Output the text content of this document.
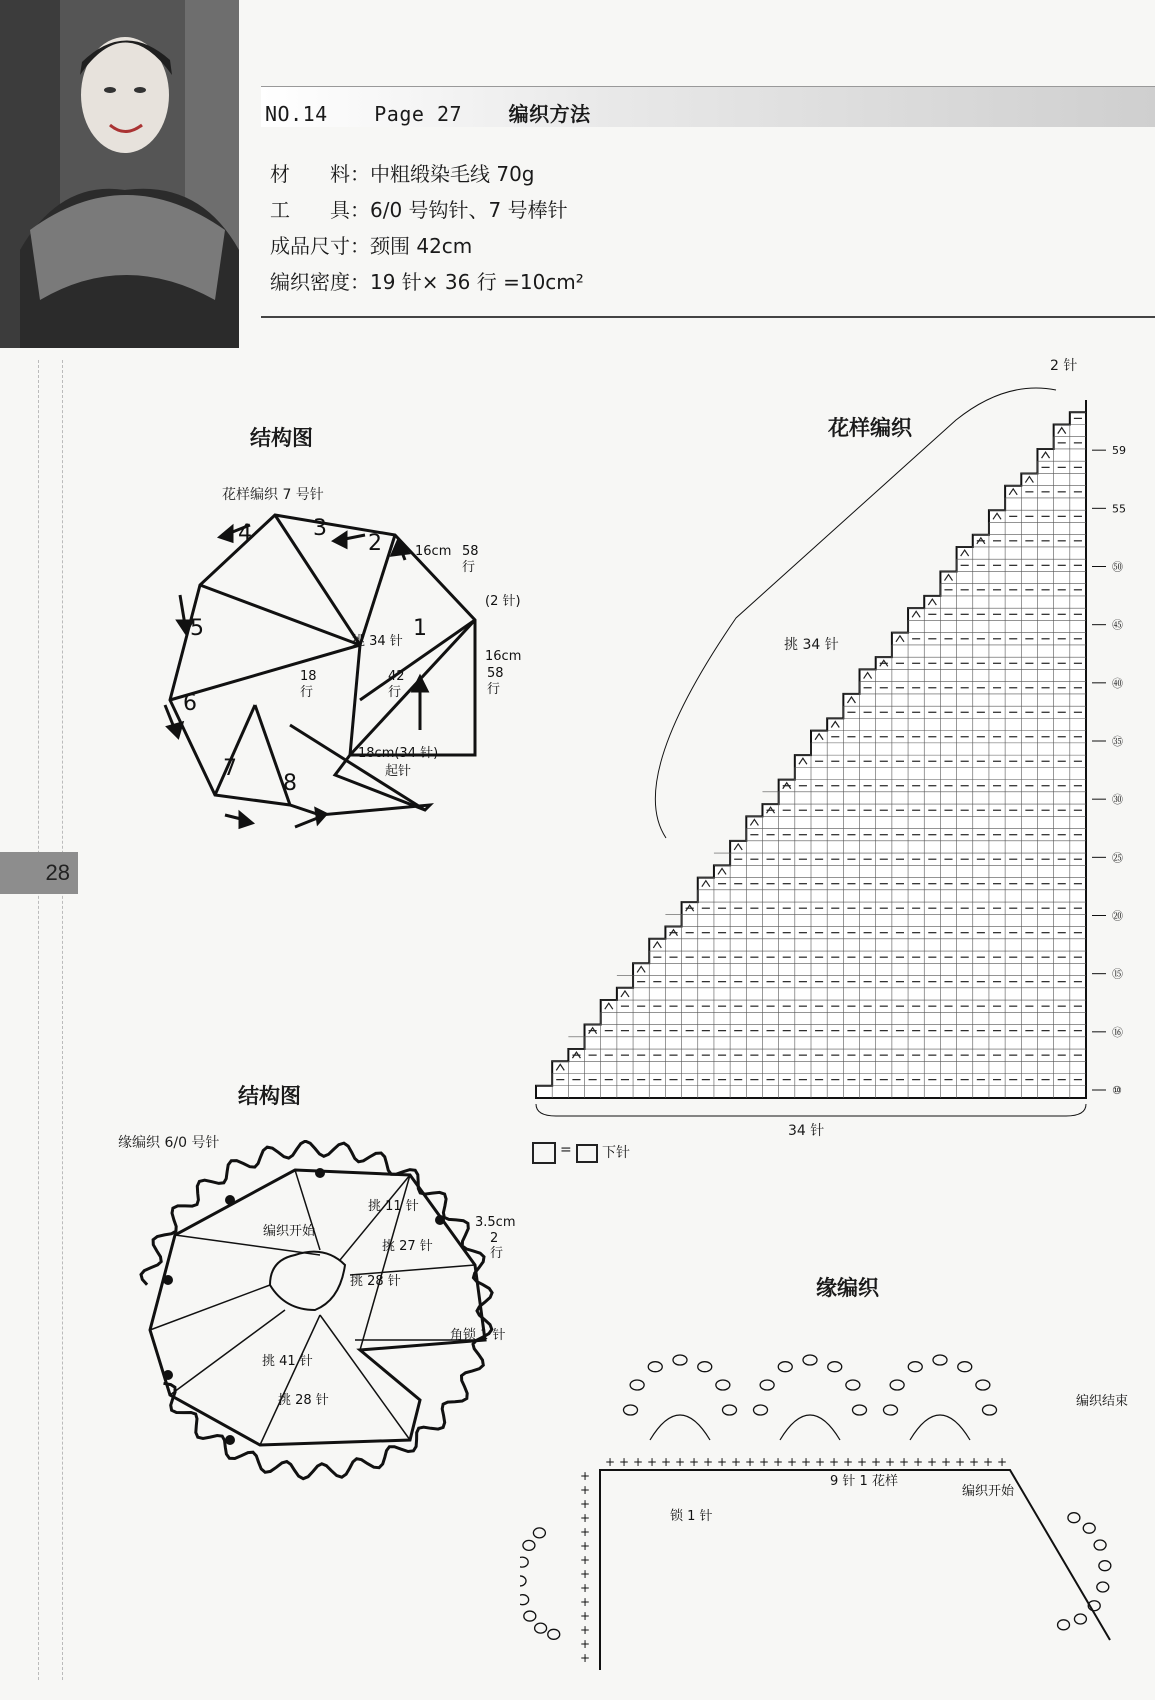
NO.14 Page 27 编织方法
材　　料：中粗缎染毛线 70g
工　　具：6/0 号钩针、7 号棒针
成品尺寸：颈围 42cm
编织密度：19 针× 36 行 =10cm²
28
结构图
花样编织 7 号针
1
2
3
4
5
6
7
8
16cm 58
行
(2 针)
挑 34 针
16cm
58
行
18
行
42
行
18cm(34 针)
起针
花样编织
2 针
挑 34 针
34 针
⑩
⑯
⑮
⑳
㉕
㉚
㉟
㊵
㊺
㊿
55
59
= 下针
结构图
缘编织 6/0 号针
编织开始
挑 11 针
挑 27 针
挑 28 针
挑 41 针
挑 28 针
3.5cm
2
行
角锁 1 针
缘编织
编织结束
9 针 1 花样
编织开始
锁 1 针
+ + + + + + + + + + + + + + + + + + + + + + + + + + + + +
+
+
+
+
+
+
+
+
+
+
+
+
+
+
